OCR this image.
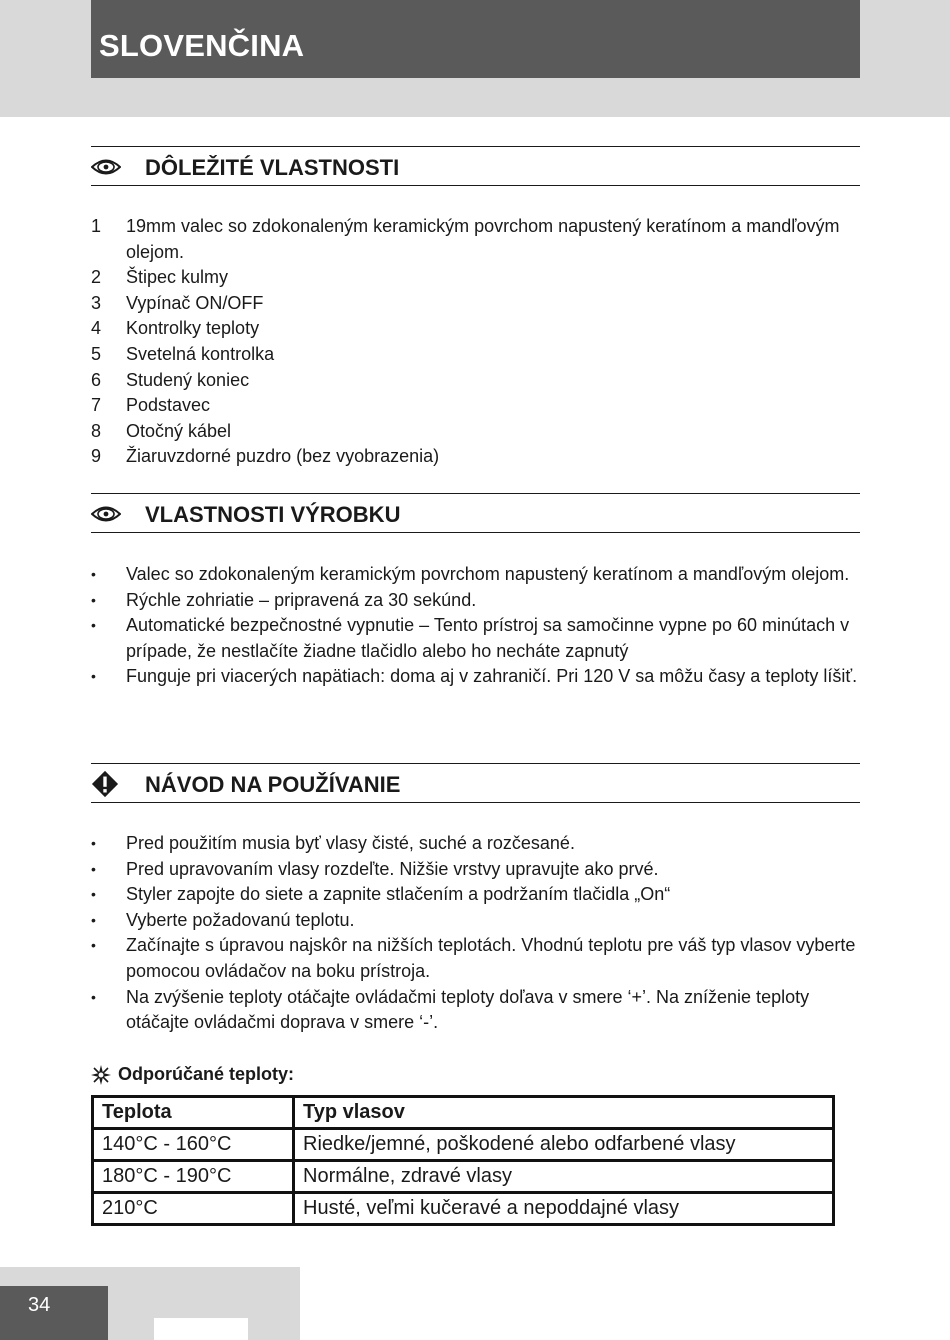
SLOVENČINA
DÔLEŽITÉ VLASTNOSTI
1 19mm valec so zdokonaleným keramickým povrchom napustený keratínom a mandľovým olejom.
2 Štipec kulmy
3 Vypínač ON/OFF
4 Kontrolky teploty
5 Svetelná kontrolka
6 Studený koniec
7 Podstavec
8 Otočný kábel
9 Žiaruvzdorné puzdro (bez vyobrazenia)
VLASTNOSTI VÝROBKU
• Valec so zdokonaleným keramickým povrchom napustený keratínom a mandľovým olejom.
• Rýchle zohriatie – pripravená za 30 sekúnd.
• Automatické bezpečnostné vypnutie – Tento prístroj sa samočinne vypne po 60 minútach v prípade, že nestlačíte žiadne tlačidlo alebo ho necháte zapnutý
• Funguje pri viacerých napätiach: doma aj v zahraničí. Pri 120 V sa môžu časy a teploty líšiť.
NÁVOD NA POUŽÍVANIE
• Pred použitím musia byť vlasy čisté, suché a rozčesané.
• Pred upravovaním vlasy rozdeľte. Nižšie vrstvy upravujte ako prvé.
• Styler zapojte do siete a zapnite stlačením a podržaním tlačidla „On“
• Vyberte požadovanú teplotu.
• Začínajte s úpravou najskôr na nižších teplotách. Vhodnú teplotu pre váš typ vlasov vyberte pomocou ovládačov na boku prístroja.
• Na zvýšenie teploty otáčajte ovládačmi teploty doľava v smere ‘+’. Na zníženie teploty otáčajte ovládačmi doprava v smere ‘-’.
Odporúčané teploty:
Teplota	Typ vlasov
140°C - 160°C	Riedke/jemné, poškodené alebo odfarbené vlasy
180°C - 190°C	Normálne, zdravé vlasy
210°C	Husté, veľmi kučeravé a nepoddajné vlasy
34
